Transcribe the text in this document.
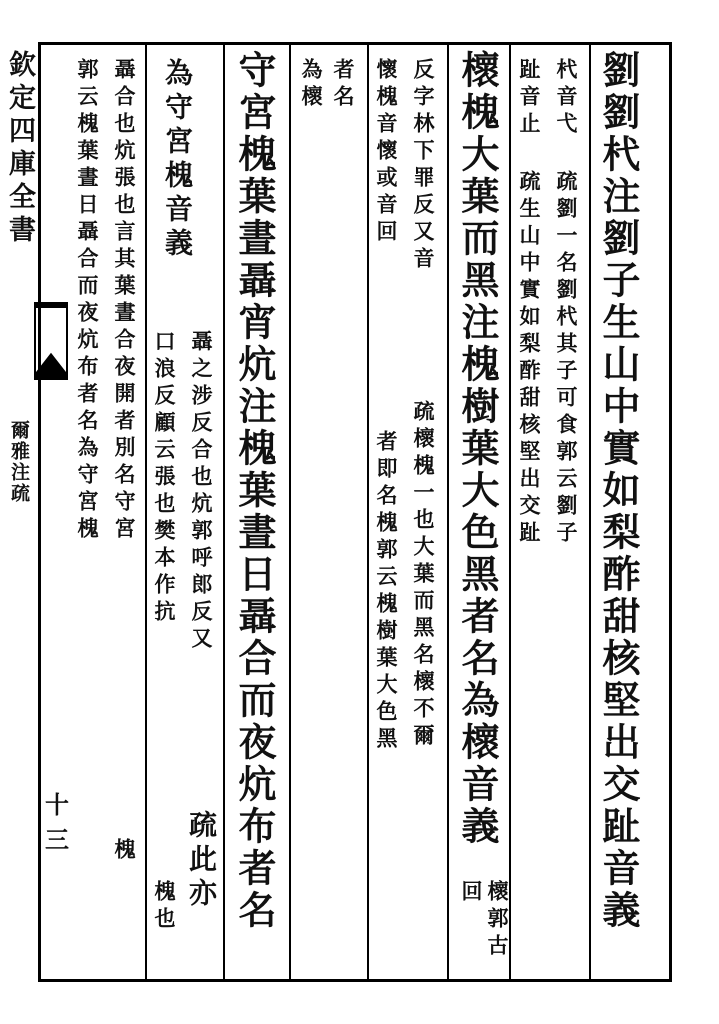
欽定四庫全書
爾雅注疏	劉劉杙注劉子生山中實如梨酢甜核堅出交趾音義
杙音弋
疏劉一名劉杙其子可食郭云劉子
趾音止
疏生山中實如梨酢甜核堅出交趾
櫰槐大葉而黑注槐樹葉大色黑者名為櫰音義
櫰郭古回
反字林下罪反又音
疏櫰槐一也大葉而黑名櫰不爾
懷槐音懷或音回
者即名槐郭云槐樹葉大色黑
者名
為櫰
守宮槐葉晝聶宵炕注槐葉晝日聶合而夜炕布者名
為守宮槐音義
聶之涉反合也炕郭呼郎反又
口浪反顧云張也樊本作抗
疏此亦
槐也
聶合也炕張也言其葉晝合夜開者別名守宮
槐
郭云槐葉晝日聶合而夜炕布者名為守宮槐
十三
